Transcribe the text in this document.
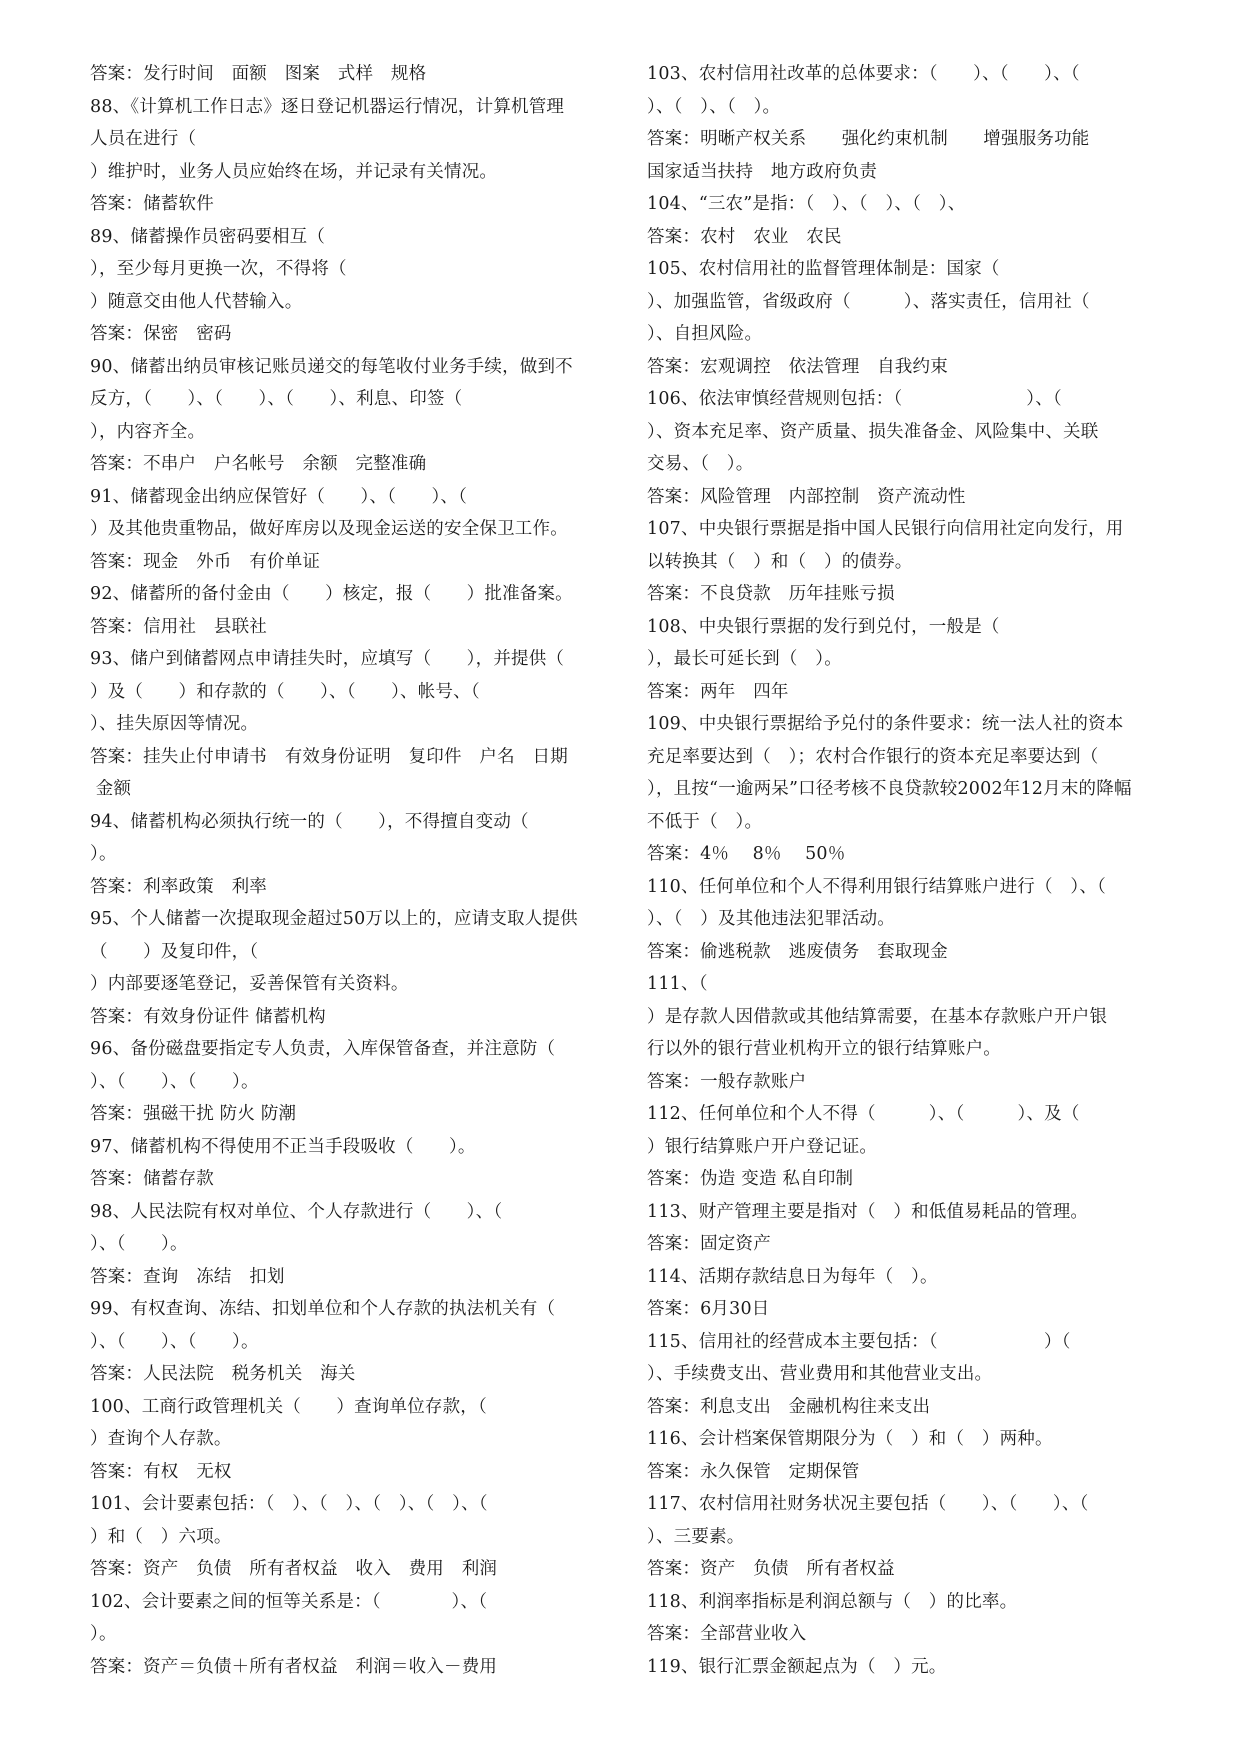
答案：发行时间　面额　图案　式样　规格
88、《计算机工作日志》逐日登记机器运行情况，计算机管理
人员在进行（
）维护时，业务人员应始终在场，并记录有关情况。
答案：储蓄软件
89、储蓄操作员密码要相互（
），至少每月更换一次，不得将（
）随意交由他人代替输入。
答案：保密　密码
90、储蓄出纳员审核记账员递交的每笔收付业务手续，做到不
反方，（　　）、（　　）、（　　）、利息、印签（
），内容齐全。
答案：不串户　户名帐号　余额　完整准确
91、储蓄现金出纳应保管好（　　）、（　　）、（
）及其他贵重物品，做好库房以及现金运送的安全保卫工作。
答案：现金　外币　有价单证
92、储蓄所的备付金由（　　）核定，报（　　）批准备案。
答案：信用社　县联社
93、储户到储蓄网点申请挂失时，应填写（　　），并提供（
）及（　　）和存款的（　　）、（　　）、帐号、（
）、挂失原因等情况。
答案：挂失止付申请书　有效身份证明　复印件　户名　日期
金额
94、储蓄机构必须执行统一的（　　），不得擅自变动（
）。
答案：利率政策　利率
95、个人储蓄一次提取现金超过50万以上的，应请支取人提供
（　　）及复印件，（
）内部要逐笔登记，妥善保管有关资料。
答案：有效身份证件 储蓄机构
96、备份磁盘要指定专人负责，入库保管备查，并注意防（
）、（　　）、（　　）。
答案：强磁干扰 防火 防潮
97、储蓄机构不得使用不正当手段吸收（　　）。
答案：储蓄存款
98、人民法院有权对单位、个人存款进行（　　）、（
）、（　　）。
答案：查询　冻结　扣划
99、有权查询、冻结、扣划单位和个人存款的执法机关有（
）、（　　）、（　　）。
答案：人民法院　税务机关　海关
100、工商行政管理机关（　　）查询单位存款，（
）查询个人存款。
答案：有权　无权
101、会计要素包括：（　）、（　）、（　）、（　）、（
）和（　）六项。
答案：资产　负债　所有者权益　收入　费用　利润
102、会计要素之间的恒等关系是：（　　　　）、（
）。
答案：资产＝负债＋所有者权益　利润＝收入－费用
103、农村信用社改革的总体要求：（　　）、（　　）、（
）、（　）、（　）。
答案：明晰产权关系　　强化约束机制　　增强服务功能
国家适当扶持　地方政府负责
104、“三农”是指：（　）、（　）、（　）、
答案：农村　农业　农民
105、农村信用社的监督管理体制是：国家（
）、加强监管，省级政府（　　　）、落实责任，信用社（
）、自担风险。
答案：宏观调控　依法管理　自我约束
106、依法审慎经营规则包括：（　　　　　　　）、（
）、资本充足率、资产质量、损失准备金、风险集中、关联
交易、（　）。
答案：风险管理　内部控制　资产流动性
107、中央银行票据是指中国人民银行向信用社定向发行，用
以转换其（　）和（　）的债券。
答案：不良贷款　历年挂账亏损
108、中央银行票据的发行到兑付，一般是（
），最长可延长到（　）。
答案：两年　四年
109、中央银行票据给予兑付的条件要求：统一法人社的资本
充足率要达到（　）；农村合作银行的资本充足率要达到（
），且按“一逾两呆”口径考核不良贷款较2002年12月末的降幅
不低于（　）。
答案：4％　 8％　 50％
110、任何单位和个人不得利用银行结算账户进行（　）、（
）、（　）及其他违法犯罪活动。
答案：偷逃税款　逃废债务　套取现金
111、（
）是存款人因借款或其他结算需要，在基本存款账户开户银
行以外的银行营业机构开立的银行结算账户。
答案：一般存款账户
112、任何单位和个人不得（　　　）、（　　　）、及（
）银行结算账户开户登记证。
答案：伪造 变造 私自印制
113、财产管理主要是指对（　）和低值易耗品的管理。
答案：固定资产
114、活期存款结息日为每年（　）。
答案：6月30日
115、信用社的经营成本主要包括：（　　　　　　）（
）、手续费支出、营业费用和其他营业支出。
答案：利息支出　金融机构往来支出
116、会计档案保管期限分为（　）和（　）两种。
答案：永久保管　定期保管
117、农村信用社财务状况主要包括（　　）、（　　）、（
）、三要素。
答案：资产　负债　所有者权益
118、利润率指标是利润总额与（　）的比率。
答案：全部营业收入
119、银行汇票金额起点为（　）元。
